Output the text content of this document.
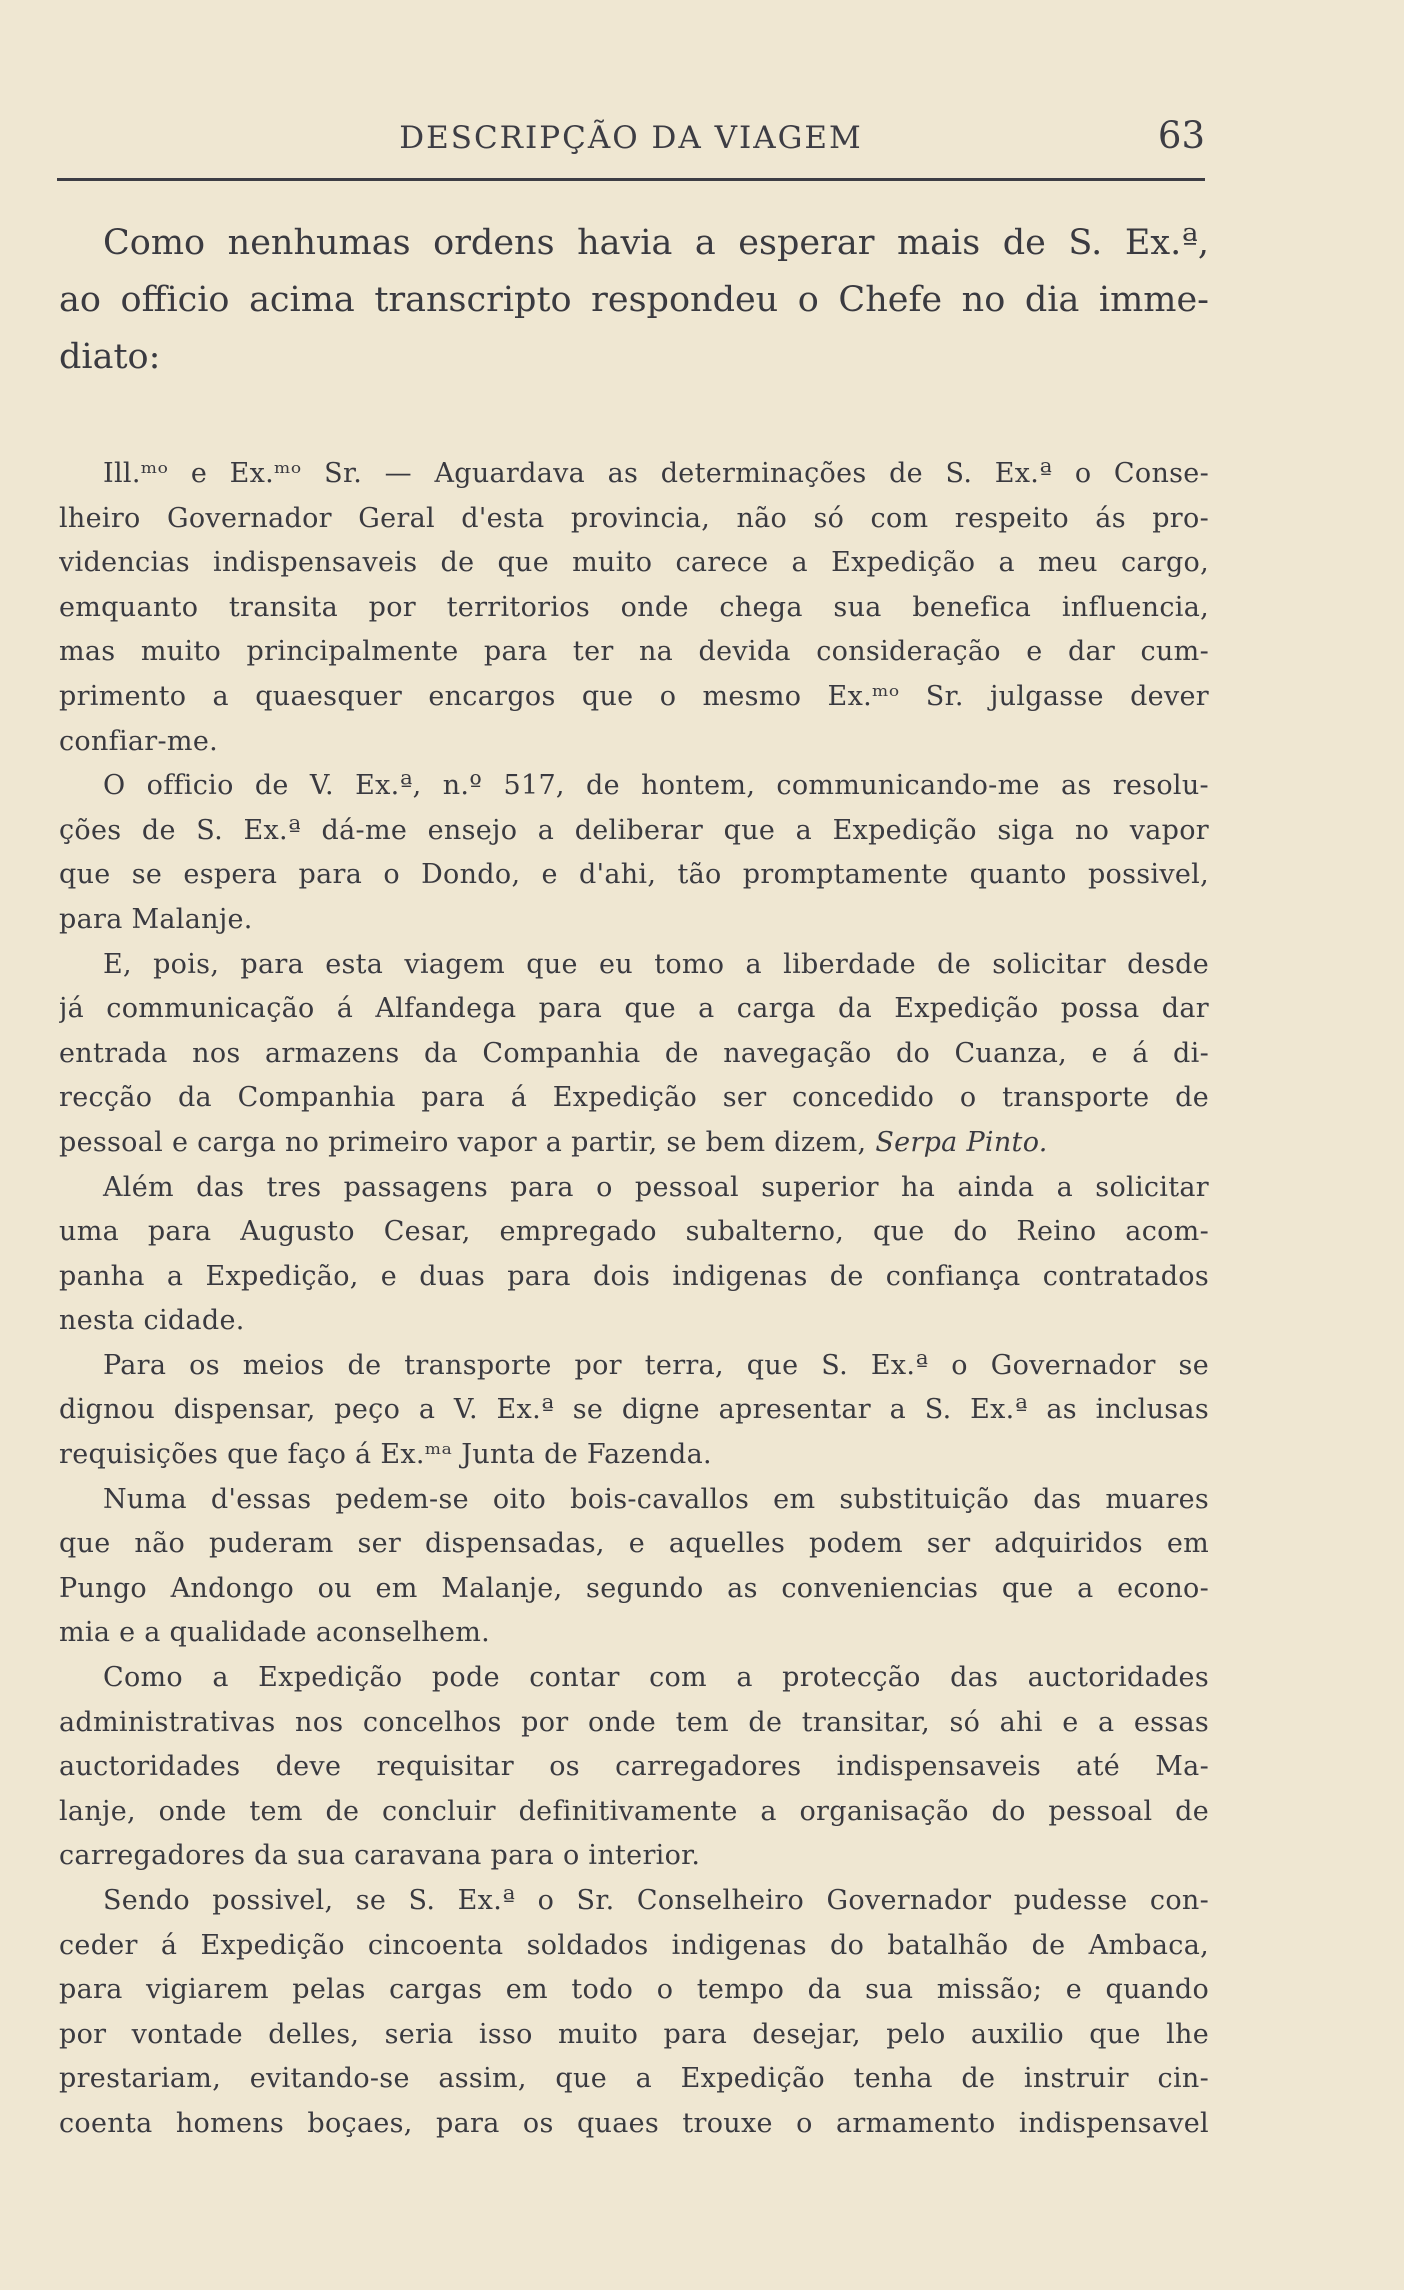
DESCRIPÇÃO DA VIAGEM	63
Como nenhumas ordens havia a esperar mais de S. Ex.ª,
ao officio acima transcripto respondeu o Chefe no dia imme-
diato:
Ill.ᵐᵒ e Ex.ᵐᵒ Sr. — Aguardava as determinações de S. Ex.ª o Conse-
lheiro Governador Geral d'esta provincia, não só com respeito ás pro-
videncias indispensaveis de que muito carece a Expedição a meu cargo,
emquanto transita por territorios onde chega sua benefica influencia,
mas muito principalmente para ter na devida consideração e dar cum-
primento a quaesquer encargos que o mesmo Ex.ᵐᵒ Sr. julgasse dever
confiar-me.
O officio de V. Ex.ª, n.º 517, de hontem, communicando-me as resolu-
ções de S. Ex.ª dá-me ensejo a deliberar que a Expedição siga no vapor
que se espera para o Dondo, e d'ahi, tão promptamente quanto possivel,
para Malanje.
E, pois, para esta viagem que eu tomo a liberdade de solicitar desde
já communicação á Alfandega para que a carga da Expedição possa dar
entrada nos armazens da Companhia de navegação do Cuanza, e á di-
recção da Companhia para á Expedição ser concedido o transporte de
pessoal e carga no primeiro vapor a partir, se bem dizem, Serpa Pinto.
Além das tres passagens para o pessoal superior ha ainda a solicitar
uma para Augusto Cesar, empregado subalterno, que do Reino acom-
panha a Expedição, e duas para dois indigenas de confiança contratados
nesta cidade.
Para os meios de transporte por terra, que S. Ex.ª o Governador se
dignou dispensar, peço a V. Ex.ª se digne apresentar a S. Ex.ª as inclusas
requisições que faço á Ex.ᵐᵃ Junta de Fazenda.
Numa d'essas pedem-se oito bois-cavallos em substituição das muares
que não puderam ser dispensadas, e aquelles podem ser adquiridos em
Pungo Andongo ou em Malanje, segundo as conveniencias que a econo-
mia e a qualidade aconselhem.
Como a Expedição pode contar com a protecção das auctoridades
administrativas nos concelhos por onde tem de transitar, só ahi e a essas
auctoridades deve requisitar os carregadores indispensaveis até Ma-
lanje, onde tem de concluir definitivamente a organisação do pessoal de
carregadores da sua caravana para o interior.
Sendo possivel, se S. Ex.ª o Sr. Conselheiro Governador pudesse con-
ceder á Expedição cincoenta soldados indigenas do batalhão de Ambaca,
para vigiarem pelas cargas em todo o tempo da sua missão; e quando
por vontade delles, seria isso muito para desejar, pelo auxilio que lhe
prestariam, evitando-se assim, que a Expedição tenha de instruir cin-
coenta homens boçaes, para os quaes trouxe o armamento indispensavel
